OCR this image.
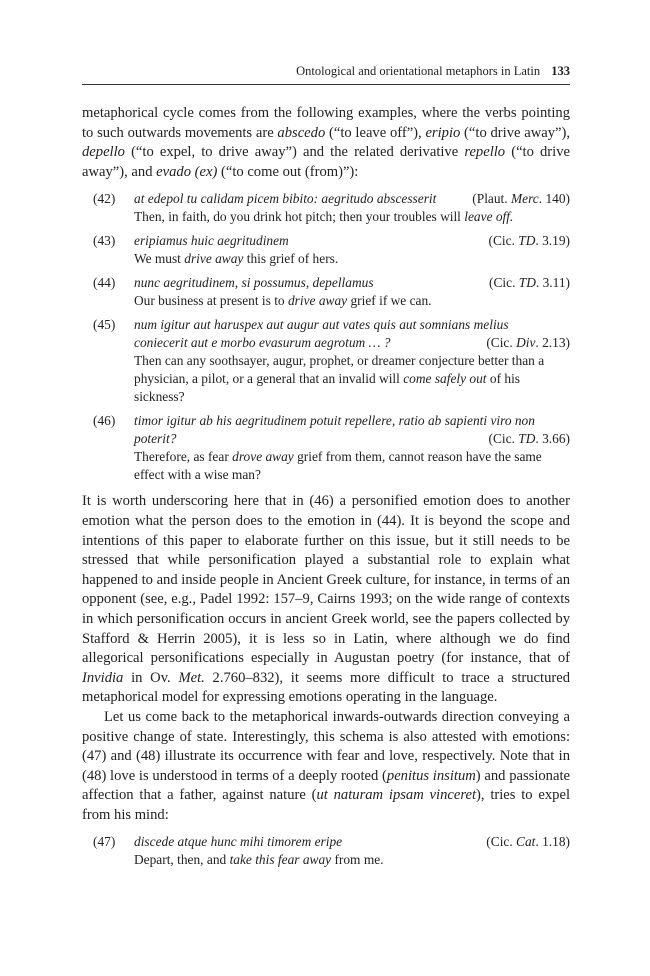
Ontological and orientational metaphors in Latin 133

metaphorical cycle comes from the following examples, where the verbs pointing to such outwards movements are abscedo (“to leave off”), eripio (“to drive away”), depello (“to expel, to drive away”) and the related derivative repello (“to drive away”), and evado (ex) (“to come out (from)”):

(42)	at edepol tu calidam picem bibito: aegritudo abscesserit	(Plaut. Merc. 140)
Then, in faith, do you drink hot pitch; then your troubles will leave off.
(43)	eripiamus huic aegritudinem	(Cic. TD. 3.19)
We must drive away this grief of hers.
(44)	nunc aegritudinem, si possumus, depellamus	(Cic. TD. 3.11)
Our business at present is to drive away grief if we can.
(45)	num igitur aut haruspex aut augur aut vates quis aut somnians melius
coniecerit aut e morbo evasurum aegrotum … ?	(Cic. Div. 2.13)
Then can any soothsayer, augur, prophet, or dreamer conjecture better than a physician, a pilot, or a general that an invalid will come safely out of his sickness?
(46)	timor igitur ab his aegritudinem potuit repellere, ratio ab sapienti viro non
poterit?	(Cic. TD. 3.66)
Therefore, as fear drove away grief from them, cannot reason have the same effect with a wise man?

It is worth underscoring here that in (46) a personified emotion does to another emotion what the person does to the emotion in (44). It is beyond the scope and intentions of this paper to elaborate further on this issue, but it still needs to be stressed that while personification played a substantial role to explain what happened to and inside people in Ancient Greek culture, for instance, in terms of an opponent (see, e.g., Padel 1992: 157–9, Cairns 1993; on the wide range of contexts in which personification occurs in ancient Greek world, see the papers collected by Stafford & Herrin 2005), it is less so in Latin, where although we do find allegorical personifications especially in Augustan poetry (for instance, that of Invidia in Ov. Met. 2.760–832), it seems more difficult to trace a structured metaphorical model for expressing emotions operating in the language.

Let us come back to the metaphorical inwards-outwards direction conveying a positive change of state. Interestingly, this schema is also attested with emotions: (47) and (48) illustrate its occurrence with fear and love, respectively. Note that in (48) love is understood in terms of a deeply rooted (penitus insitum) and passionate affection that a father, against nature (ut naturam ipsam vinceret), tries to expel from his mind:

(47)	discede atque hunc mihi timorem eripe	(Cic. Cat. 1.18)
Depart, then, and take this fear away from me.
